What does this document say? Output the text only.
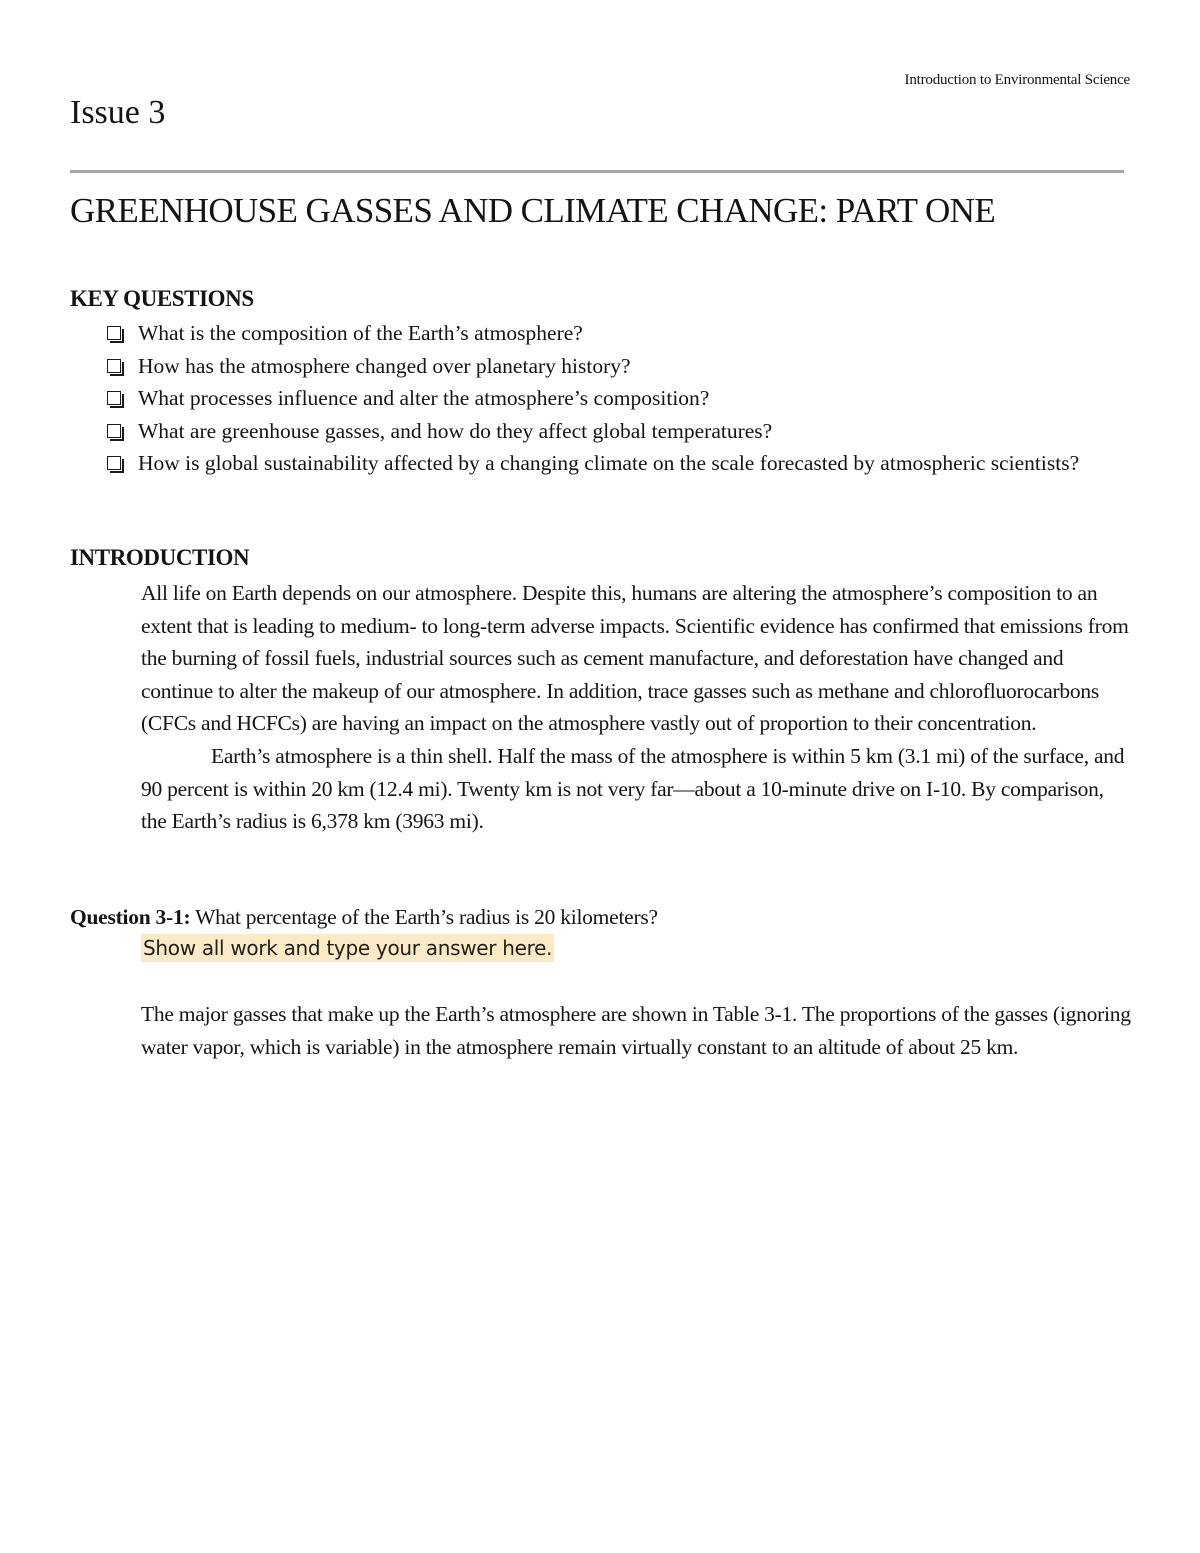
Introduction to Environmental Science
Issue 3
GREENHOUSE GASSES AND CLIMATE CHANGE: PART ONE
KEY QUESTIONS
What is the composition of the Earth’s atmosphere?
How has the atmosphere changed over planetary history?
What processes influence and alter the atmosphere’s composition?
What are greenhouse gasses, and how do they affect global temperatures?
How is global sustainability affected by a changing climate on the scale forecasted by atmospheric scientists?
INTRODUCTION

All life on Earth depends on our atmosphere. Despite this, humans are altering the atmosphere’s composition to an extent that is leading to medium- to long-term adverse impacts. Scientific evidence has confirmed that emissions from the burning of fossil fuels, industrial sources such as cement manufacture, and deforestation have changed and continue to alter the makeup of our atmosphere. In addition, trace gasses such as methane and chlorofluorocarbons (CFCs and HCFCs) are having an impact on the atmosphere vastly out of proportion to their concentration.

Earth’s atmosphere is a thin shell. Half the mass of the atmosphere is within 5 km (3.1 mi) of the surface, and 90 percent is within 20 km (12.4 mi). Twenty km is not very far—about a 10-minute drive on I-10. By comparison, the Earth’s radius is 6,378 km (3963 mi).

Question 3-1: What percentage of the Earth’s radius is 20 kilometers?
Show all work and type your answer here.

The major gasses that make up the Earth’s atmosphere are shown in Table 3-1. The proportions of the gasses (ignoring water vapor, which is variable) in the atmosphere remain virtually constant to an altitude of about 25 km.
